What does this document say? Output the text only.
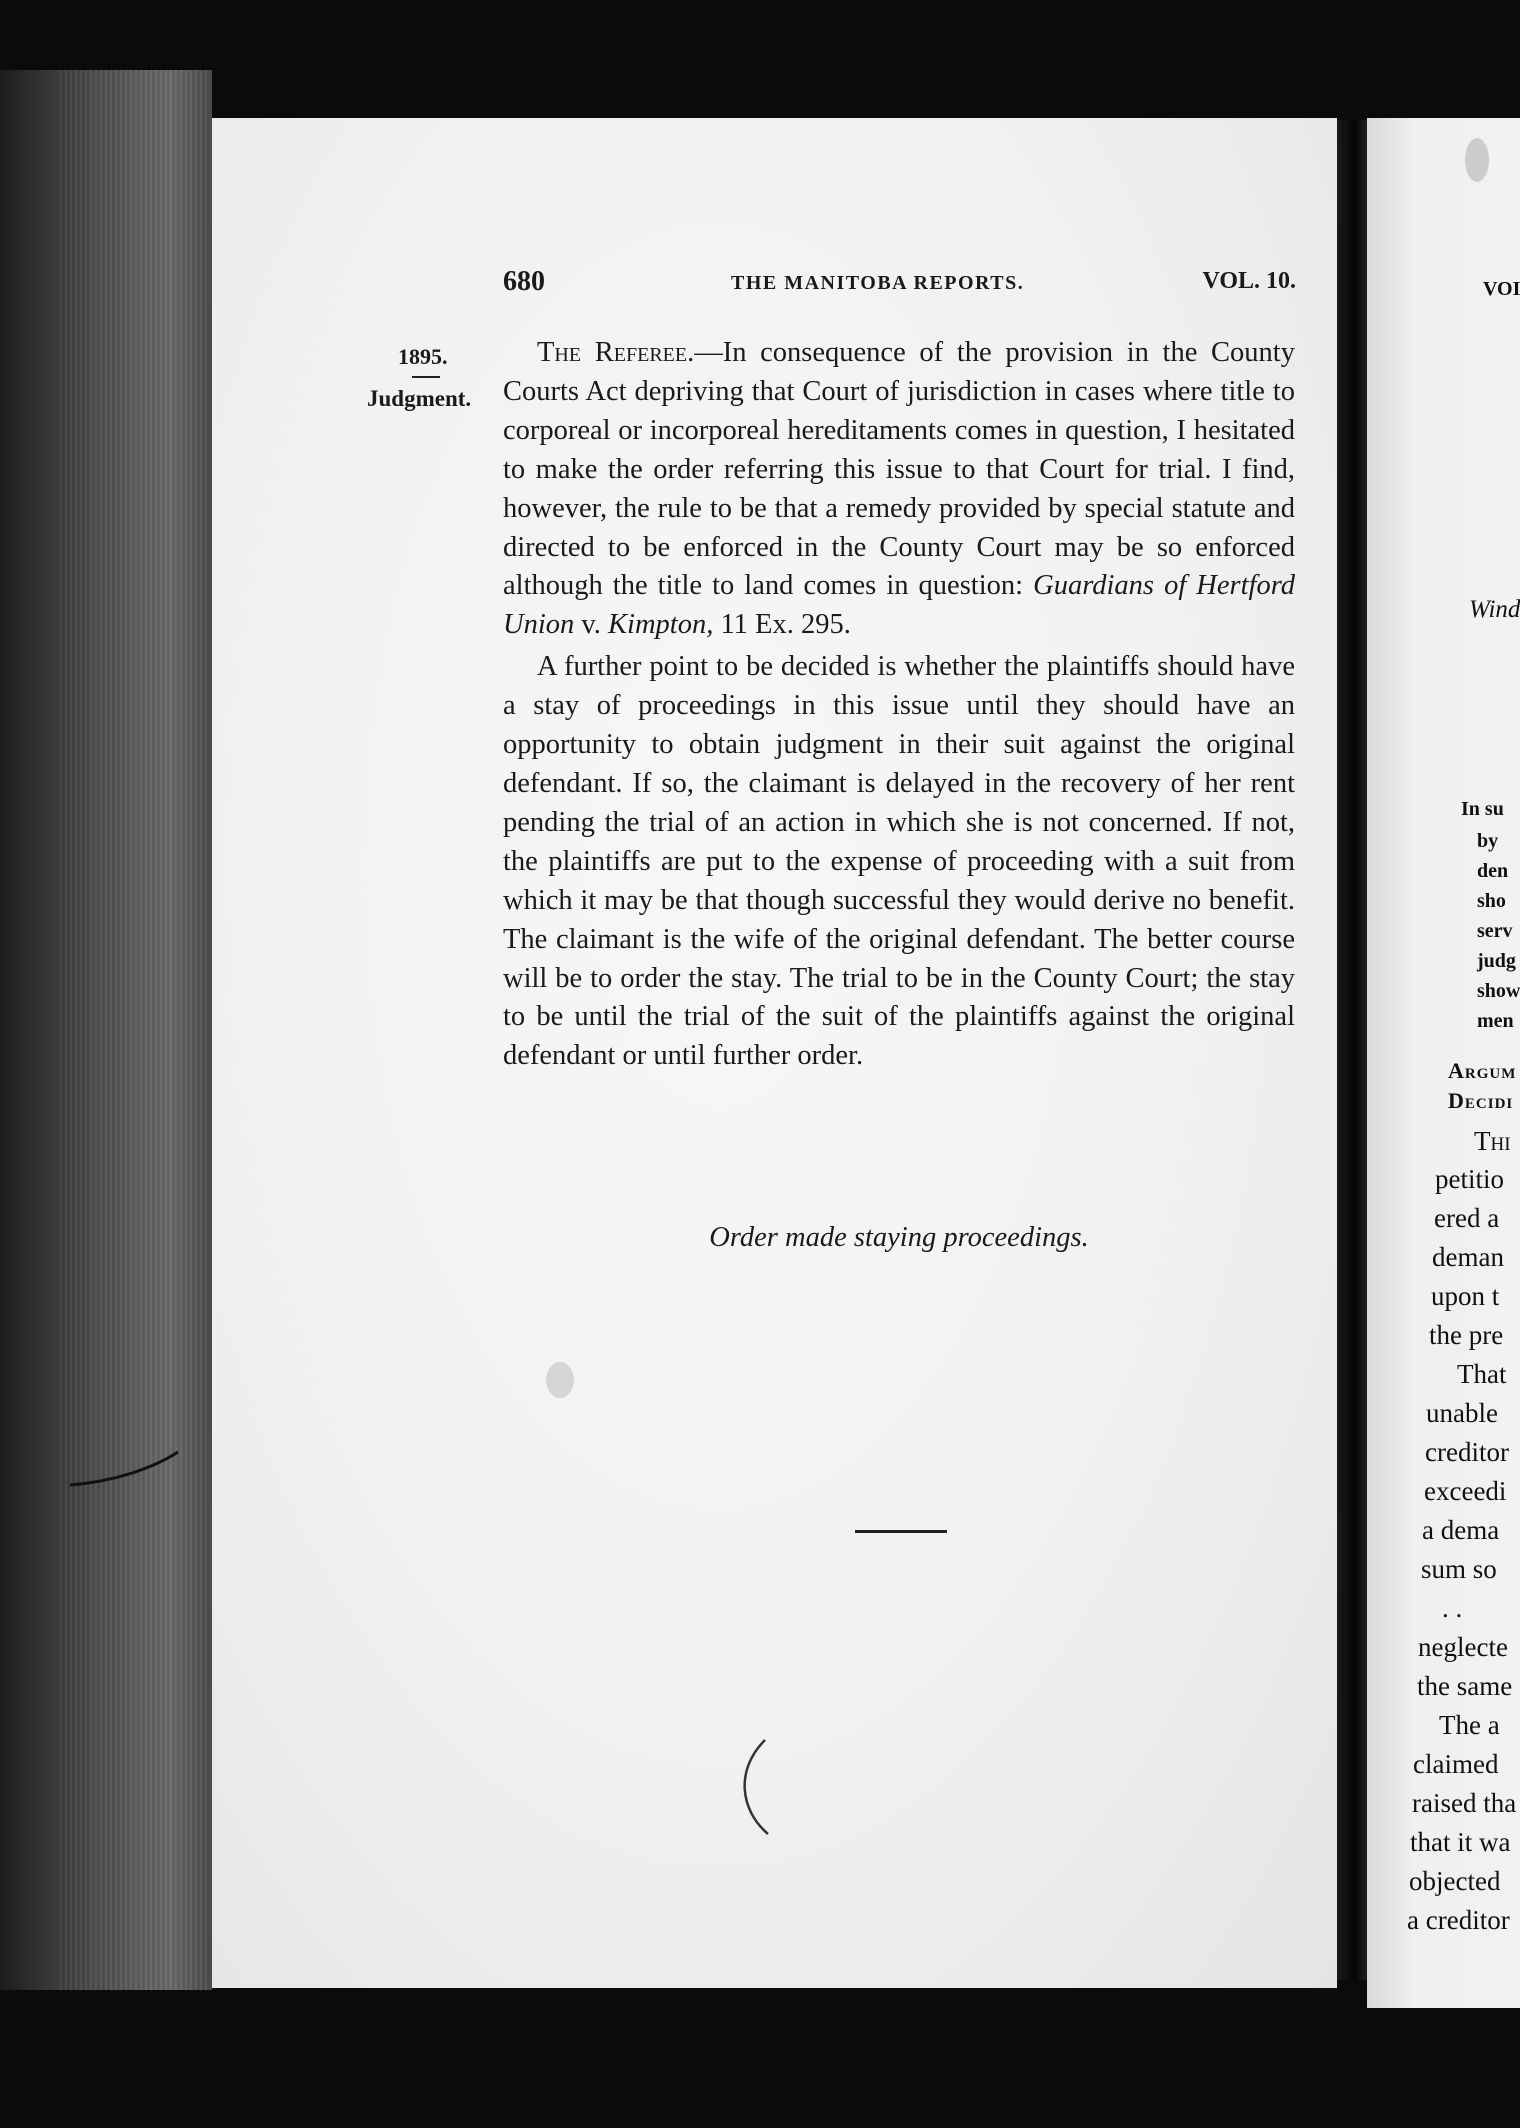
680	THE MANITOBA REPORTS.	VOL. 10.
1895.
Judgment.

The Referee.—In consequence of the provision in the County Courts Act depriving that Court of jurisdiction in cases where title to corporeal or incorporeal hereditaments comes in question, I hesitated to make the order referring this issue to that Court for trial. I find, however, the rule to be that a remedy provided by special statute and directed to be enforced in the County Court may be so enforced although the title to land comes in question: Guardians of Hertford Union v. Kimpton, 11 Ex. 295.

A further point to be decided is whether the plaintiffs should have a stay of proceedings in this issue until they should have an opportunity to obtain judgment in their suit against the original defendant. If so, the claimant is delayed in the recovery of her rent pending the trial of an action in which she is not concerned. If not, the plaintiffs are put to the expense of proceeding with a suit from which it may be that though successful they would derive no benefit. The claimant is the wife of the original defendant. The better course will be to order the stay. The trial to be in the County Court; the stay to be until the trial of the suit of the plaintiffs against the original defendant or until further order.

Order made staying proceedings.
VOI
Wind
In su
by
den
sho
serv
judg
show
men
Argum
Decidi
Thi
petitio
ered a
deman
upon t
the pre
That
unable
creditor
exceedi
a dema
sum so
. .
neglecte
the same
The a
claimed
raised tha
that it wa
objected
a creditor
